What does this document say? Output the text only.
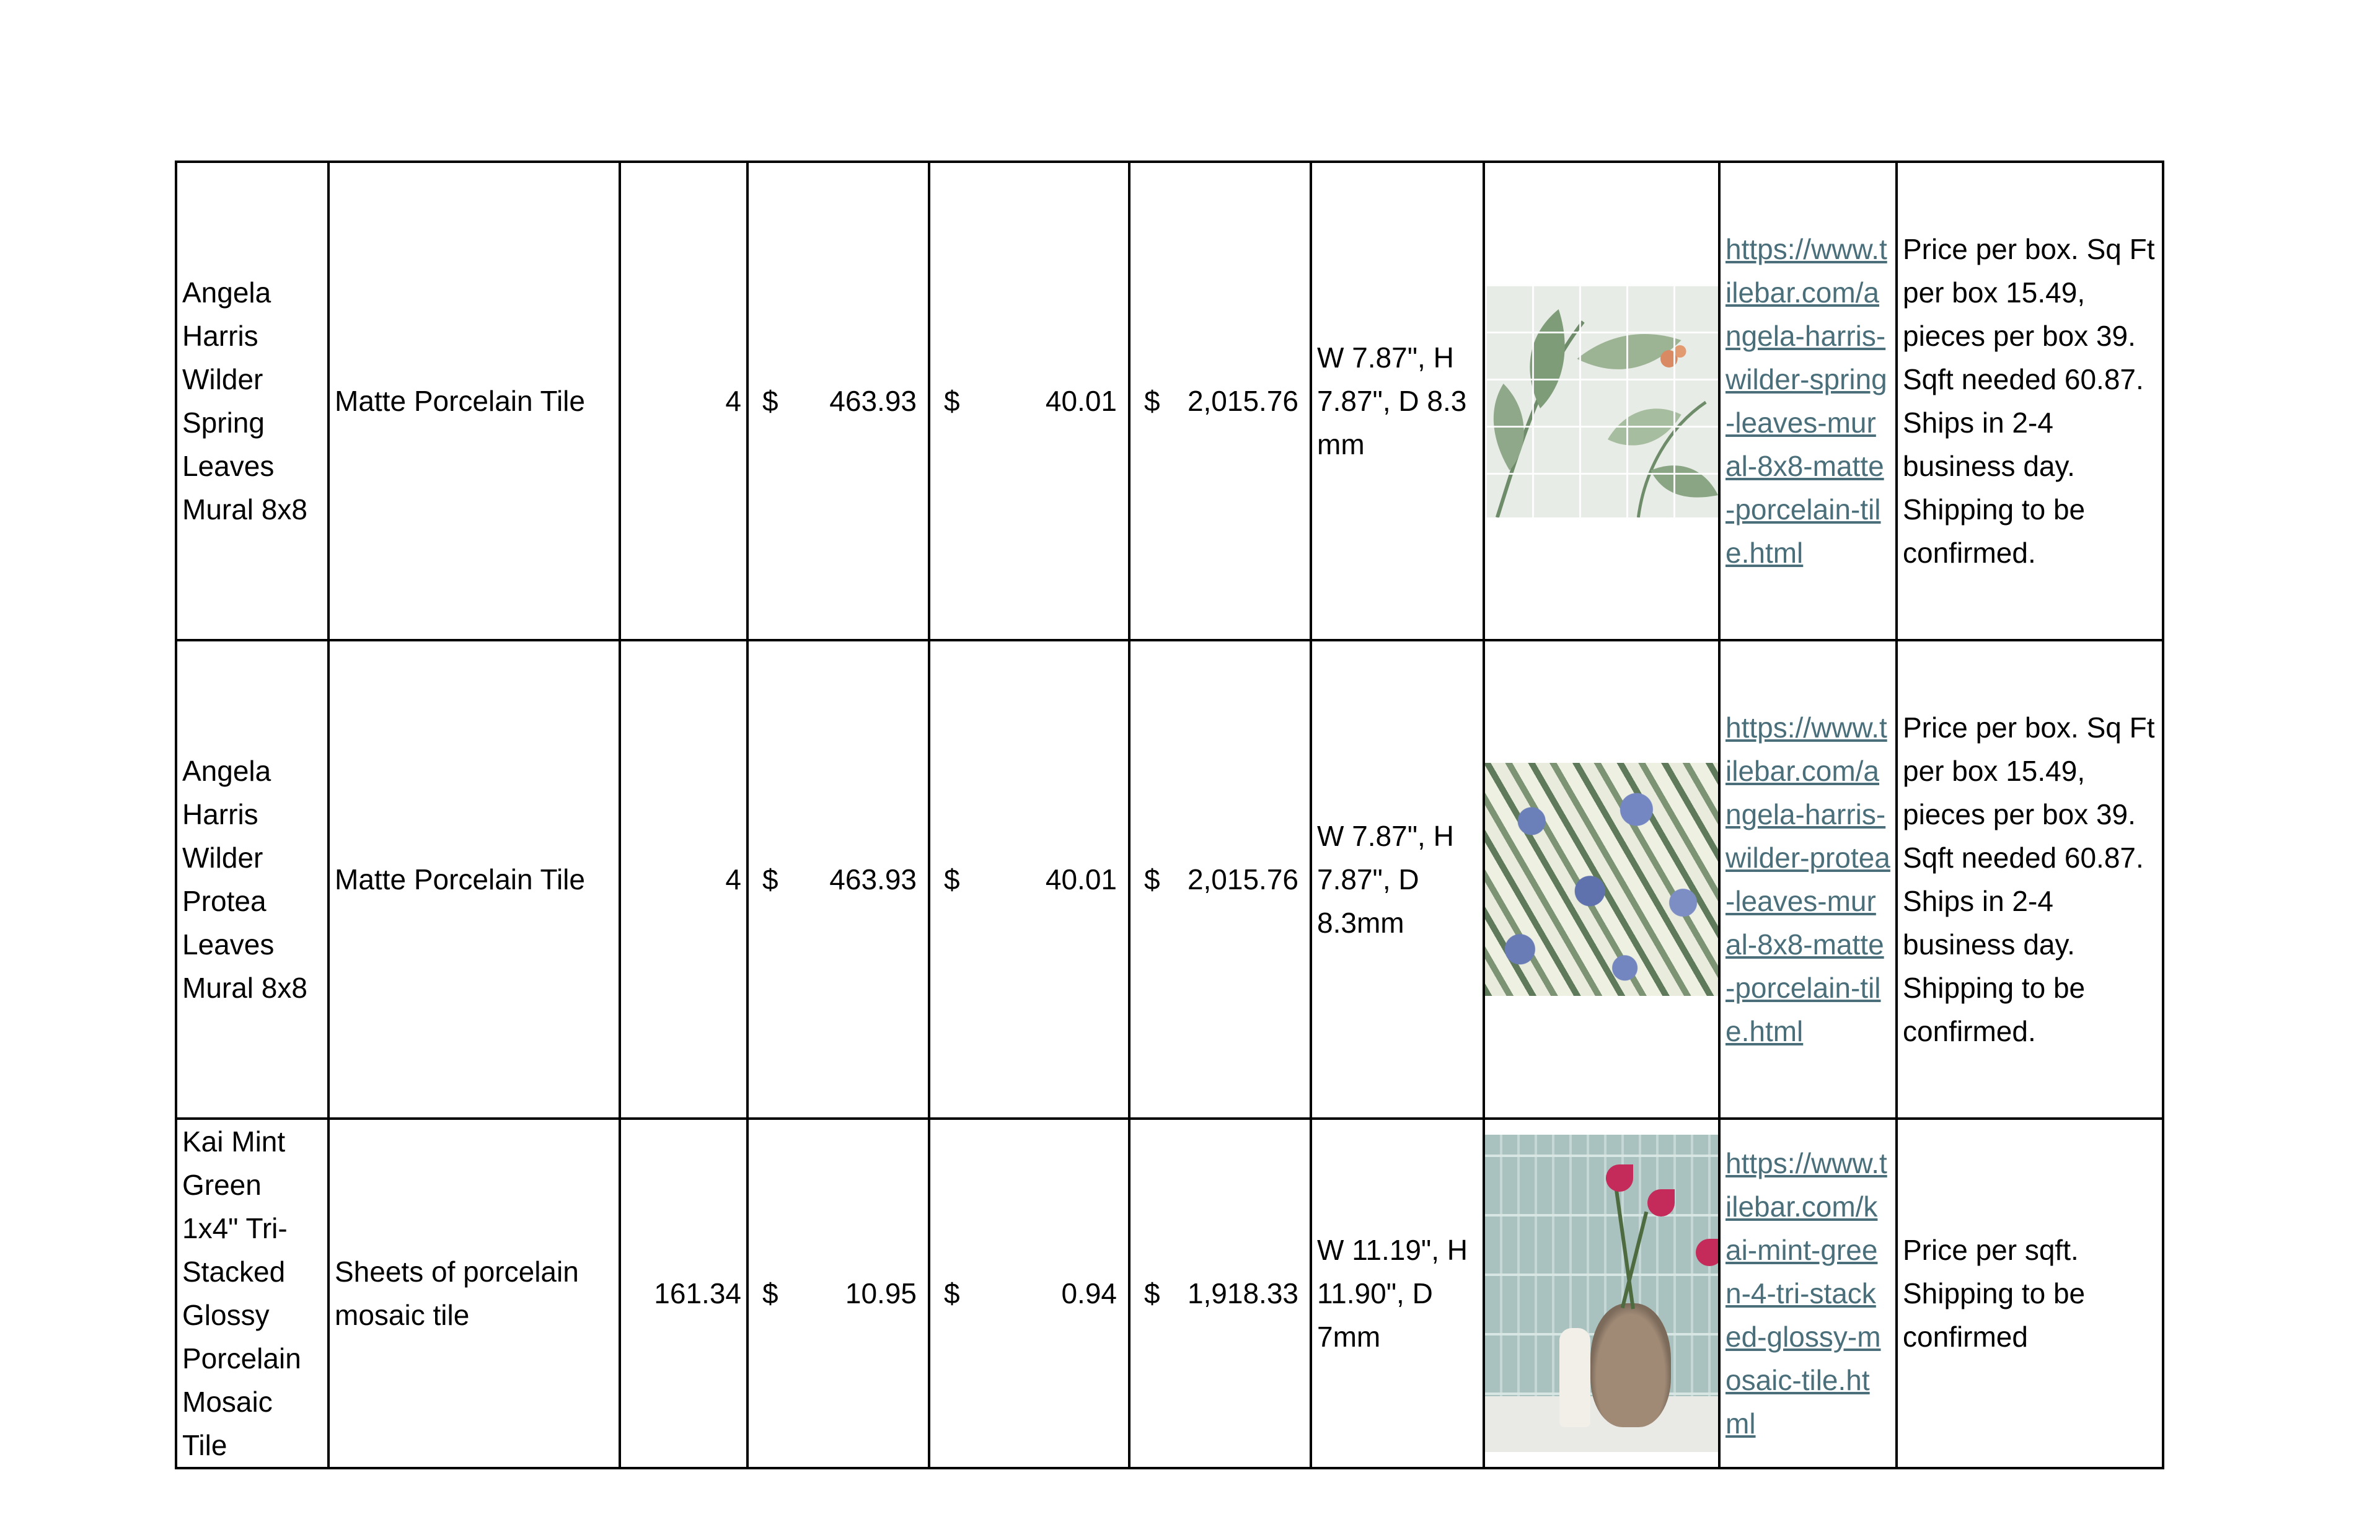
Angela Harris Wilder Spring Leaves Mural 8x8	Matte Porcelain Tile	4	$ 463.93	$ 40.01	$ 2,015.76	W 7.87", H 7.87", D 8.3 mm		https://www.tilebar.com/angela-harris-wilder-spring-leaves-mural-8x8-matte-porcelain-tile.html	Price per box. Sq Ft per box 15.49, pieces per box 39. Sqft needed 60.87. Ships in 2-4 business day. Shipping to be confirmed.
Angela Harris Wilder Protea Leaves Mural 8x8	Matte Porcelain Tile	4	$ 463.93	$ 40.01	$ 2,015.76	W 7.87", H 7.87", D 8.3mm		https://www.tilebar.com/angela-harris-wilder-protea-leaves-mural-8x8-matte-porcelain-tile.html	Price per box. Sq Ft per box 15.49, pieces per box 39. Sqft needed 60.87. Ships in 2-4 business day. Shipping to be confirmed.
Kai Mint Green 1x4" Tri-Stacked Glossy Porcelain Mosaic Tile	Sheets of porcelain mosaic tile	161.34	$ 10.95	$ 0.94	$ 1,918.33	W 11.19", H 11.90", D 7mm		https://www.tilebar.com/kai-mint-green-4-tri-stacked-glossy-mosaic-tile.html	Price per sqft. Shipping to be confirmed
